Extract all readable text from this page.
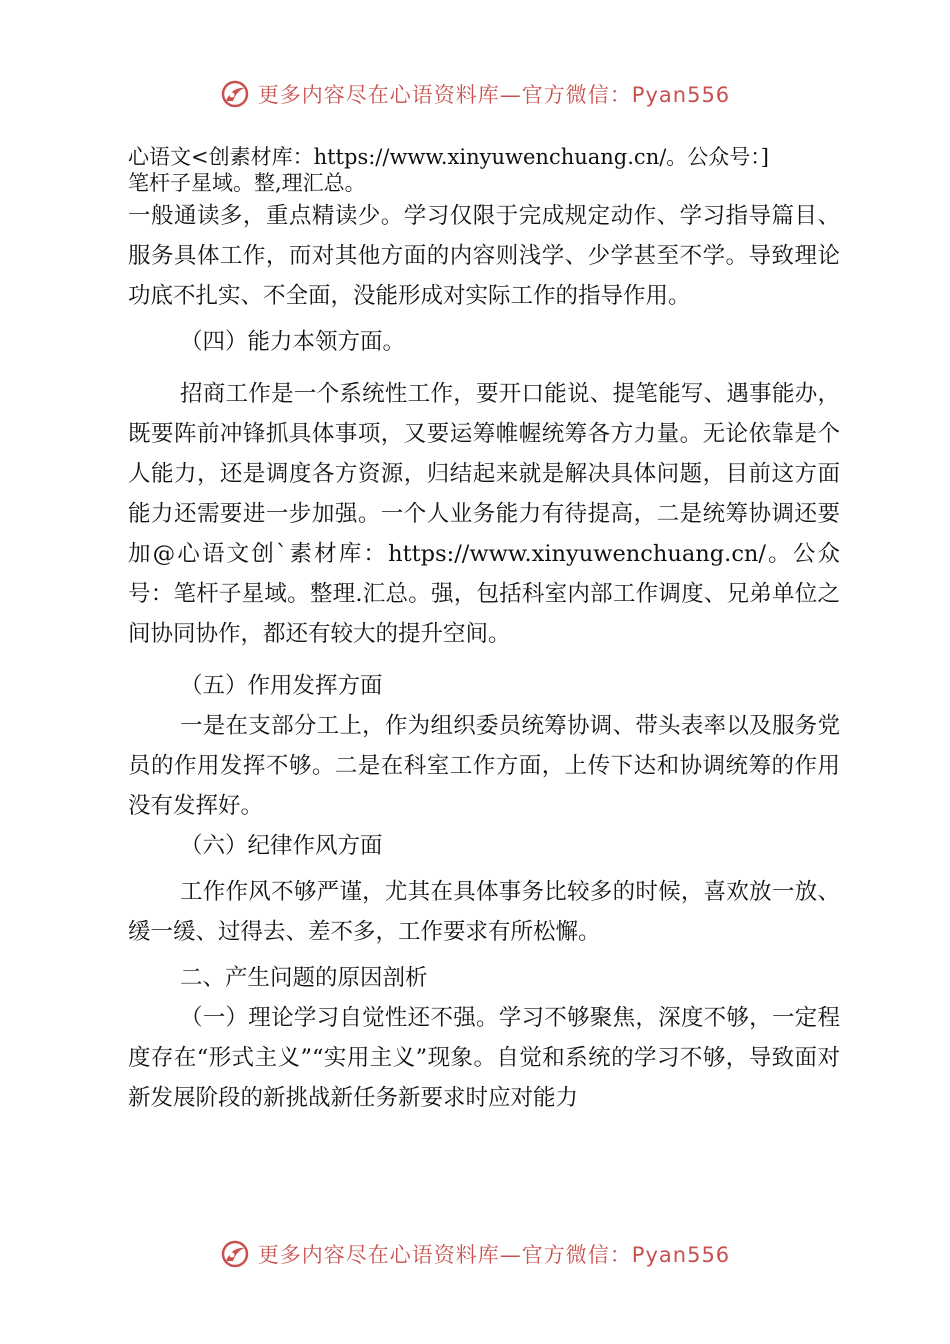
更多内容尽在心语资料库—官方微信：Pyan556

心语文<创素材库：https://www.xinyuwenchuang.cn/。公众号：]

笔杆子星域。整,理汇总。

一般通读多，重点精读少。学习仅限于完成规定动作、学习指导篇目、服务具体工作，而对其他方面的内容则浅学、少学甚至不学。导致理论功底不扎实、不全面，没能形成对实际工作的指导作用。

（四）能力本领方面。

招商工作是一个系统性工作，要开口能说、提笔能写、遇事能办，既要阵前冲锋抓具体事项，又要运筹帷幄统筹各方力量。无论依靠是个人能力，还是调度各方资源，归结起来就是解决具体问题，目前这方面能力还需要进一步加强。一个人业务能力有待提高，二是统筹协调还要加@心语文创`素材库：https://www.xinyuwenchuang.cn/。公众号：笔杆子星域。整理.汇总。强，包括科室内部工作调度、兄弟单位之间协同协作，都还有较大的提升空间。

（五）作用发挥方面

一是在支部分工上，作为组织委员统筹协调、带头表率以及服务党员的作用发挥不够。二是在科室工作方面，上传下达和协调统筹的作用没有发挥好。

（六）纪律作风方面

工作作风不够严谨，尤其在具体事务比较多的时候，喜欢放一放、缓一缓、过得去、差不多，工作要求有所松懈。

二、产生问题的原因剖析

（一）理论学习自觉性还不强。学习不够聚焦，深度不够，一定程度存在“形式主义”“实用主义”现象。自觉和系统的学习不够，导致面对新发展阶段的新挑战新任务新要求时应对能力

更多内容尽在心语资料库—官方微信：Pyan556
